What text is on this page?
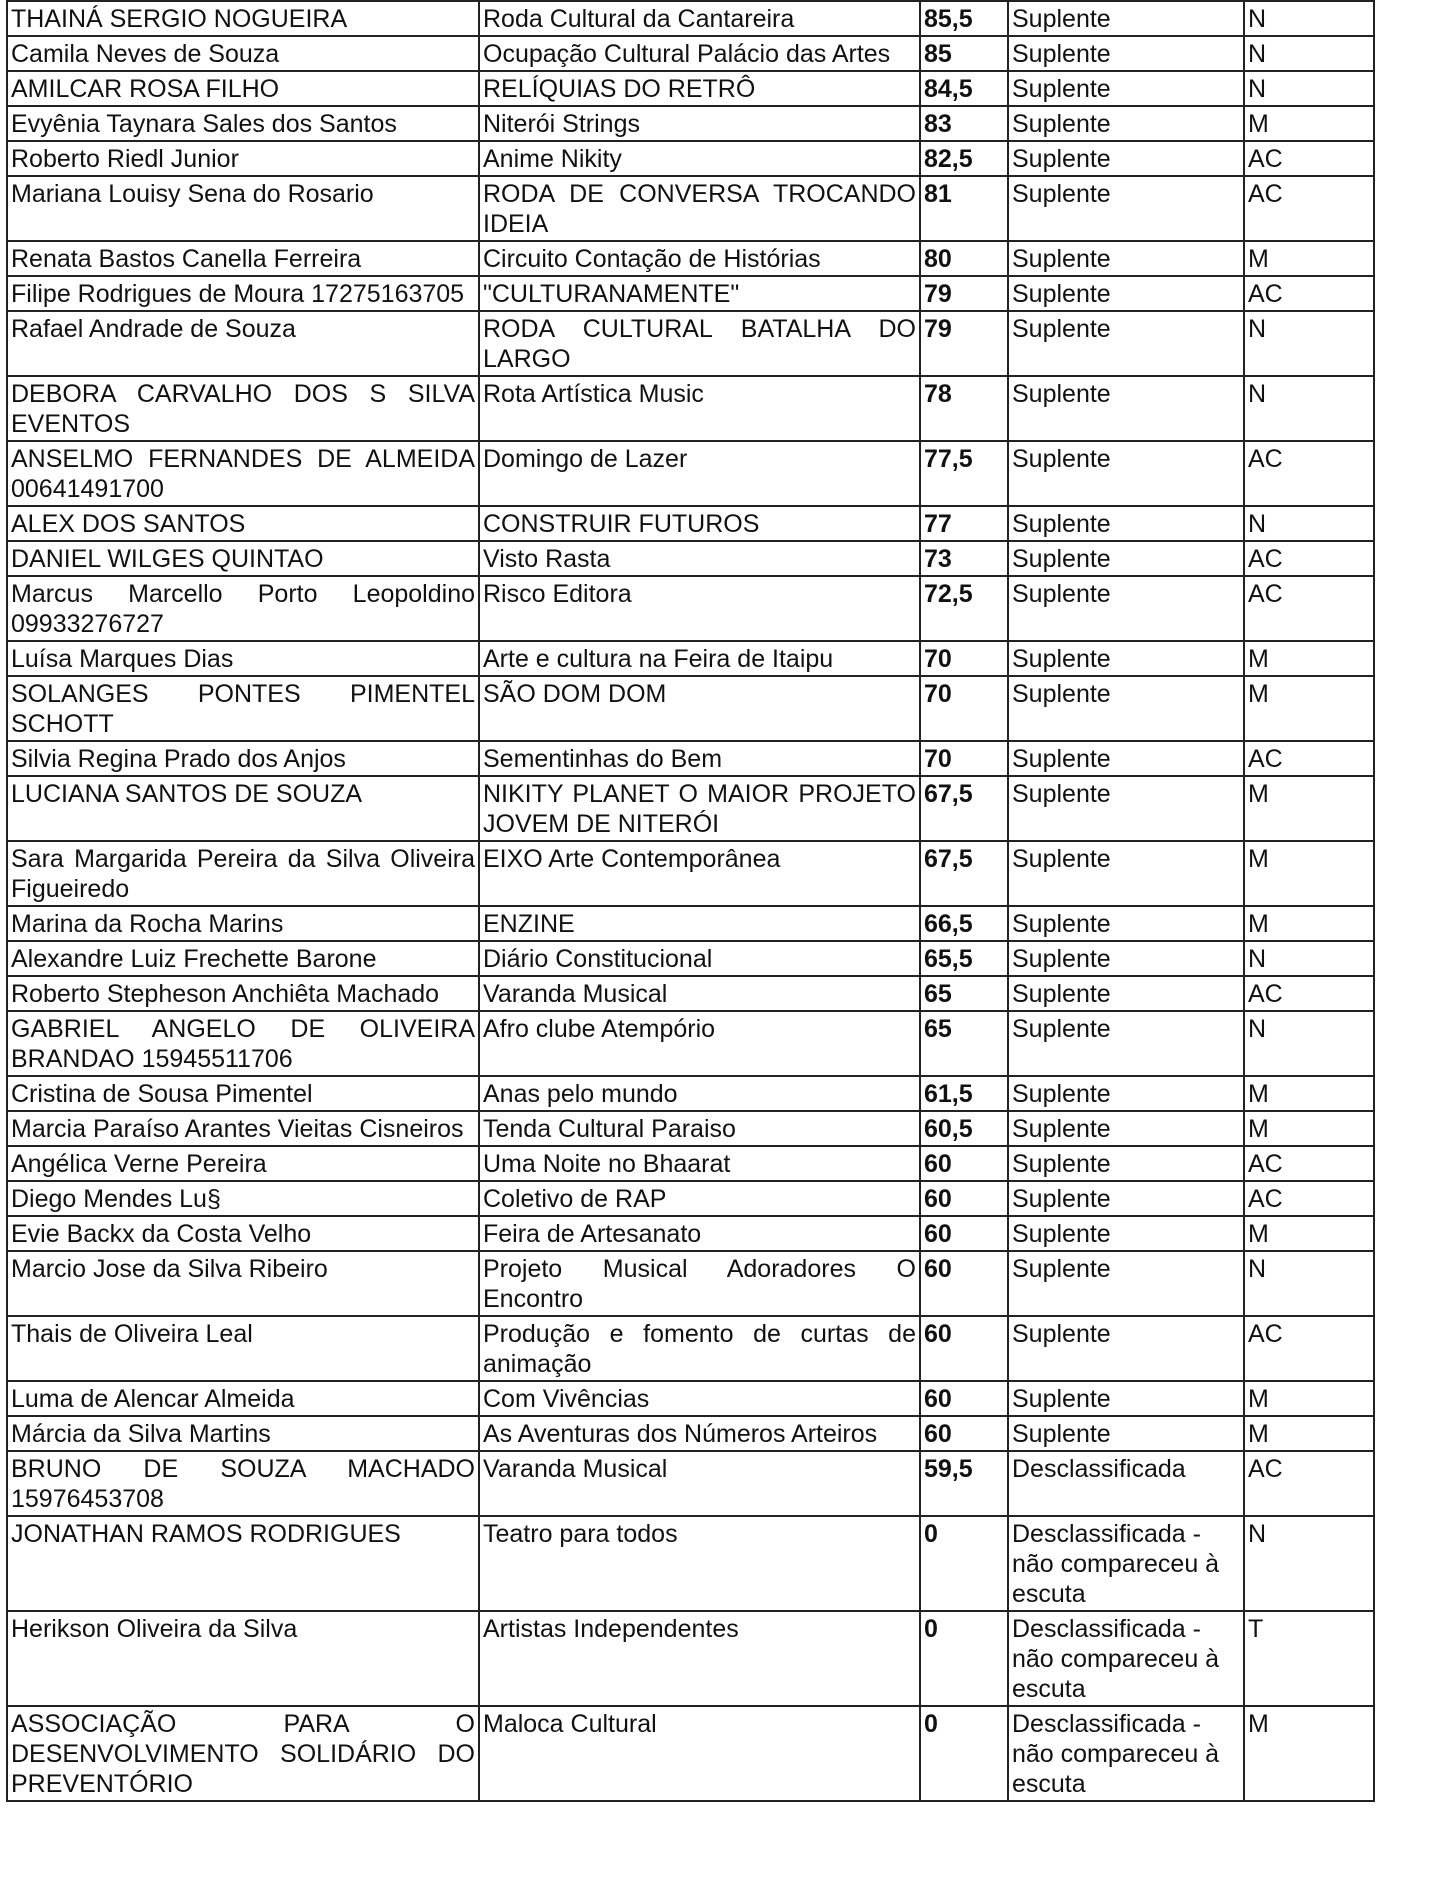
THAINÁ SERGIO NOGUEIRA	Roda Cultural da Cantareira	85,5	Suplente	N
Camila Neves de Souza	Ocupação Cultural Palácio das Artes	85	Suplente	N
AMILCAR ROSA FILHO	RELÍQUIAS DO RETRÔ	84,5	Suplente	N
Evyênia Taynara Sales dos Santos	Niterói Strings	83	Suplente	M
Roberto Riedl Junior	Anime Nikity	82,5	Suplente	AC
Mariana Louisy Sena do Rosario	RODA DE CONVERSA TROCANDO IDEIA	81	Suplente	AC
Renata Bastos Canella Ferreira	Circuito Contação de Histórias	80	Suplente	M
Filipe Rodrigues de Moura 17275163705	"CULTURANAMENTE"	79	Suplente	AC
Rafael Andrade de Souza	RODA CULTURAL BATALHA DO LARGO	79	Suplente	N
DEBORA CARVALHO DOS S SILVA EVENTOS	Rota Artística Music	78	Suplente	N
ANSELMO FERNANDES DE ALMEIDA 00641491700	Domingo de Lazer	77,5	Suplente	AC
ALEX DOS SANTOS	CONSTRUIR FUTUROS	77	Suplente	N
DANIEL WILGES QUINTAO	Visto Rasta	73	Suplente	AC
Marcus Marcello Porto Leopoldino 09933276727	Risco Editora	72,5	Suplente	AC
Luísa Marques Dias	Arte e cultura na Feira de Itaipu	70	Suplente	M
SOLANGES PONTES PIMENTEL SCHOTT	SÃO DOM DOM	70	Suplente	M
Silvia Regina Prado dos Anjos	Sementinhas do Bem	70	Suplente	AC
LUCIANA SANTOS DE SOUZA	NIKITY PLANET O MAIOR PROJETO JOVEM DE NITERÓI	67,5	Suplente	M
Sara Margarida Pereira da Silva Oliveira Figueiredo	EIXO Arte Contemporânea	67,5	Suplente	M
Marina da Rocha Marins	ENZINE	66,5	Suplente	M
Alexandre Luiz Frechette Barone	Diário Constitucional	65,5	Suplente	N
Roberto Stepheson Anchiêta Machado	Varanda Musical	65	Suplente	AC
GABRIEL ANGELO DE OLIVEIRA BRANDAO 15945511706	Afro clube Atempório	65	Suplente	N
Cristina de Sousa Pimentel	Anas pelo mundo	61,5	Suplente	M
Marcia Paraíso Arantes Vieitas Cisneiros	Tenda Cultural Paraiso	60,5	Suplente	M
Angélica Verne Pereira	Uma Noite no Bhaarat	60	Suplente	AC
Diego Mendes Lu§	Coletivo de RAP	60	Suplente	AC
Evie Backx da Costa Velho	Feira de Artesanato	60	Suplente	M
Marcio Jose da Silva Ribeiro	Projeto Musical Adoradores O Encontro	60	Suplente	N
Thais de Oliveira Leal	Produção e fomento de curtas de animação	60	Suplente	AC
Luma de Alencar Almeida	Com Vivências	60	Suplente	M
Márcia da Silva Martins	As Aventuras dos Números Arteiros	60	Suplente	M
BRUNO DE SOUZA MACHADO 15976453708	Varanda Musical	59,5	Desclassificada	AC
JONATHAN RAMOS RODRIGUES	Teatro para todos	0	Desclassificada - não compareceu à escuta	N
Herikson Oliveira da Silva	Artistas Independentes	0	Desclassificada - não compareceu à escuta	T
ASSOCIAÇÃO PARA O DESENVOLVIMENTO SOLIDÁRIO DO PREVENTÓRIO	Maloca Cultural	0	Desclassificada - não compareceu à escuta	M
